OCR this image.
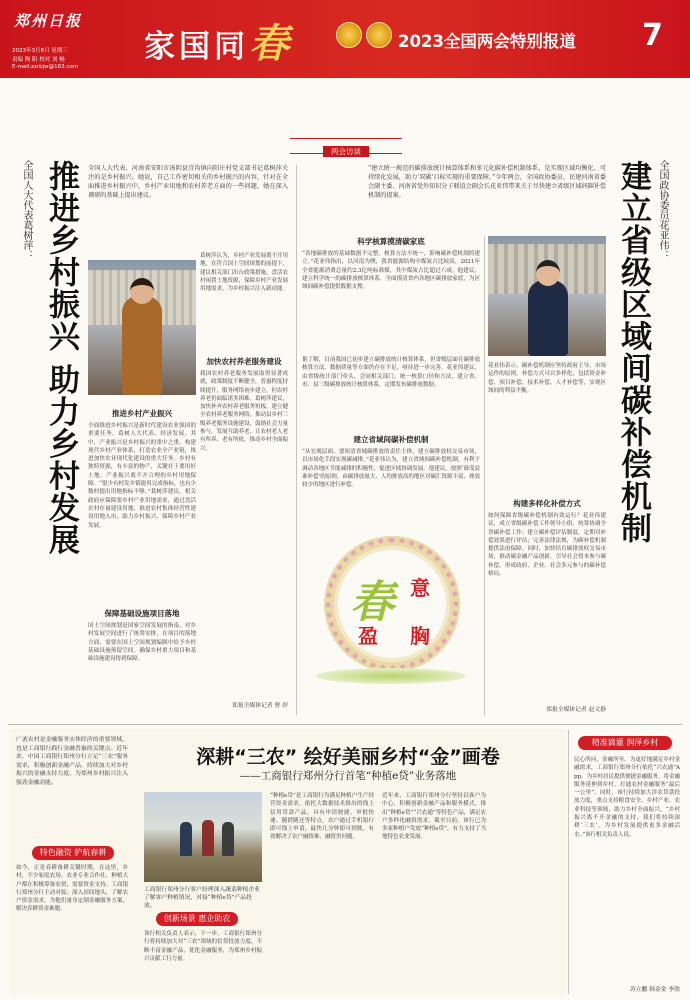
郑州日报
家国同春	2023全国两会特别报道 7
2023年3月8日 星期三
责编 陶 阳 校对 刘 畅
E-mail:zzrbjw@163.com
两会访谈
全国人大代表葛树萍： 推进乡村振兴 助力乡村发展 全国人大代表、河南省安阳市汤阴县宜沟镇向阳庄村党支部书记葛树萍关注的是乡村振兴。她说，自己工作密切相关的乡村振兴的内容，针对在全面推进乡村振兴中，乡村产业用地和农村养老方面的一些问题，她在深入调研的基础上提出建议。
推进乡村产业振兴
全面推进乡村振兴是新时代建设农业强国的重要任务。葛树人大代表、经济发展，其中，产业振兴是乡村振兴的重中之重。构建现代乡村产业体系，打造农业全产业链，推进加快农业现代化建设的重大任务。乡村有独特资源，有丰富的物产，关键在于要用好土地。产业振兴离不开合理的乡村用地保障。“很少有村发乡镇能用完成指标，也有少数村提出用地指标不够，”葛树萍建议，相关政府应保障要乡村产业用地需求，通过盘活农村存量建设用地、推进农村集体经营性建设用地入市，助力乡村振兴，保障乡村产业发展。
保障基础设施项目落地
国土空间规划是国家空间发展的指南，对乡村发展空间进行了统筹安排，在项目的落地方面，需要在国土空间规划编制中给予乡村基础设施预留空间，确保乡村重大项目和基础设施建设得到保障。
葛树萍认为，乡村产业发展离不开用地，在符合国土空间规划的前提下，建议相关部门出台政策措施，盘活农村闲置土地资源，保障乡村产业发展用地需求，为乡村振兴注入新动能。
加快农村养老服务建设
我国农村养老服务发展取得显著成就，政策制度不断健全，普惠程度持续提升，服务网络初步建立，但农村养老仍面临诸多困难。葛树萍建议，加快补齐农村养老服务短板，建立健全农村养老服务网络，推动县乡村三级养老服务设施建设，鼓励社会力量参与，发展互助养老，让农村老人老有所养、老有所依，推动乡村全面振兴。
郑报全媒体记者 曹 婷
全国政协委员花亚伟：
建立省级区域间碳补偿机制
“建立统一规范的碳排放统计核算体系和多元化碳补偿机制体系，是实现区域均衡化、可持续化发展，助力‘双碳’目标实现的重要保障。”今年两会，全国政协委员、民建河南省委会副主委、河南省党外知识分子联谊会副会长花亚伟带来关于尽快建立省级区域间碳补偿机制的提案。
科学核算摸清碳家底
“各地碳排放的基础数据不完整，核算方法不统一，影响碳补偿机制的建立。”花亚伟指出，以河南为例，我省能源结构中煤炭占比较高，2021年全省能源消费总量约2.3亿吨标准煤，其中煤炭占比超过六成。他建议，建立科学统一的碳排放核算体系，全面摸清省内各地区碳排放家底，为区域间碳补偿提供数据支撑。
据了解，目前我国已初步建立碳排放统计核算体系，但省级层面在碳排放核算方法、数据质量等方面仍存在不足，亟待进一步完善。花亚伟建议，由省级统计部门牵头，会同相关部门，统一核算口径和方法，建立省、市、县三级碳排放统计核算体系，定期发布碳排放数据。
建立省域间碳补偿机制
“从宏观层面，要厘清省域碳排放的责任主体，建立碳排放权交易市场，以市场化手段实现碳减排。”花亚伟认为，建立省域间碳补偿机制，有利于调动各地区节能减排的积极性，促进区域协调发展。他建议，按照‘谁受益谁补偿’的原则，由碳排放量大、人均排放高的地区对碳汇资源丰富、排放较少的地区进行补偿。
花亚伟表示，碳补偿机制应坚持政府主导、市场运作的原则，补偿方式可以多样化，包括资金补偿、项目补偿、技术补偿、人才补偿等，实现区域间的利益平衡。
构建多样化补偿方式
如何保障省级碳补偿机制有效运行？花亚伟建议，成立省级碳补偿工作领导小组，统筹协调全省碳补偿工作；建立碳补偿评估制度，定期对补偿效果进行评估；完善法律法规，为碳补偿机制提供法治保障。同时，加快培育碳排放权交易市场，推动碳金融产品创新，引导社会资本参与碳补偿，形成政府、企业、社会多元参与的碳补偿格局。
郑报全媒体记者 赵文静
春 意
盈 胸
广袤农村是金融服务实体经济的重要领域，也是工商银行践行金融普惠的关键点。近年来，中国工商银行郑州分行立足“三农”服务需求，积极创新金融产品，持续加大对乡村振兴的金融支持力度，为郑州乡村振兴注入强劲金融动能。
深耕“三农” 绘好美丽乡村“金”画卷
——工商银行郑州分行首笔“种植e贷”业务落地
特色融资 护航春耕
如今，正是春耕备耕关键时期，在这里，乡村，不少家庭农场、农业专业合作社、种植大户都在积极筹备农资，需要资金支持。工商银行郑州分行主动对接，深入田间地头，了解农户资金需求，为他们量身定制金融服务方案，解决春耕资金难题。
工商银行郑州分行客户经理深入蔬菜种植企业了解客户种植情况，对接“种植e贷”产品投放。
“种植e贷”是工商银行为满足种植户生产经营资金需求，依托大数据技术推出的线上信用贷款产品，具有申请便捷、审批快速、随借随还等特点，农户通过手机银行即可线上申请，最快几分钟即可到账，有效解决了农户融资难、融资贵问题。
近年来，工商银行郑州分行坚持以客户为中心，积极创新金融产品和服务模式，推出“种植e贷”“兴农通”等特色产品，满足农户多样化融资需求。截至目前，该行已为多家种植户发放“种植e贷”，有力支持了当地特色农业发展。
创新场景 惠企助农
该行相关负责人表示，下一步，工商银行郑州分行将持续加大对“三农”领域的信贷投放力度，不断丰富金融产品，优化金融服务，为郑州乡村振兴贡献工行力量。
精准滴灌 润泽乡村
民心所向，金融所至。为更好地满足乡村金融需求，工商银行郑州分行依托“兴农通”App，为乡村居民提供便捷金融服务，将金融服务延伸到乡村，打通农村金融服务“最后一公里”。同时，该行持续加大涉农贷款投放力度，重点支持粮食安全、乡村产业、农业科技等领域，助力乡村全面振兴。“乡村振兴离不开金融的支持，我们将持续深耕‘三农’，为乡村发展提供更多金融活水。”该行相关负责人说。
苏立鹏 韩金金 李欣
